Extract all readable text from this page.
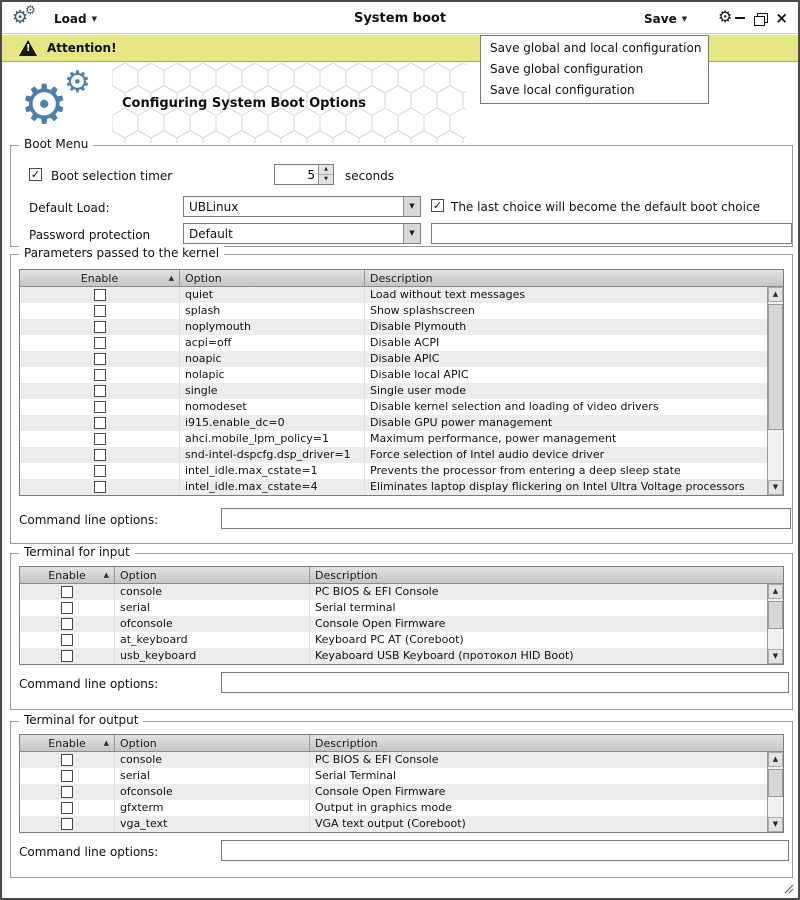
⚙
⚙
Load ▼	System boot	Save ▼ ⚙	×
!
Attention!	Save global and local configuration
Save global configuration
Save local configuration
⚙
⚙
Configuring System Boot Options
Boot Menu
✓ Boot selection timer
5	▲
▼	seconds
Default Load:	UBLinux	▼	✓ The last choice will become the default boot choice
Password protection	Default	▼
Parameters passed to the kernel
Enable	▲ Option	Description
quiet	Load without text messages
splash	Show splashscreen
noplymouth	Disable Plymouth
acpi=off	Disable ACPI
noapic	Disable APIC
nolapic	Disable local APIC
single	Single user mode
nomodeset	Disable kernel selection and loading of video drivers
i915.enable_dc=0	Disable GPU power management
ahci.mobile_lpm_policy=1	Maximum performance, power management
snd-intel-dspcfg.dsp_driver=1	Force selection of Intel audio device driver
intel_idle.max_cstate=1	Prevents the processor from entering a deep sleep state
intel_idle.max_cstate=4	Eliminates laptop display flickering on Intel Ultra Voltage processors
▲
▼
Command line options:
Terminal for input
Enable	▲ Option	Description
console	PC BIOS & EFI Console
serial	Serial terminal
ofconsole	Console Open Firmware
at_keyboard	Keyboard PC AT (Coreboot)
usb_keyboard	Keyaboard USB Keyboard (протокол HID Boot)
▲
▼
Command line options:
Terminal for output
Enable	▲ Option	Description
console	PC BIOS & EFI Console
serial	Serial Terminal
ofconsole	Console Open Firmware
gfxterm	Output in graphics mode
vga_text	VGA text output (Coreboot)
▲
▼
Command line options:
